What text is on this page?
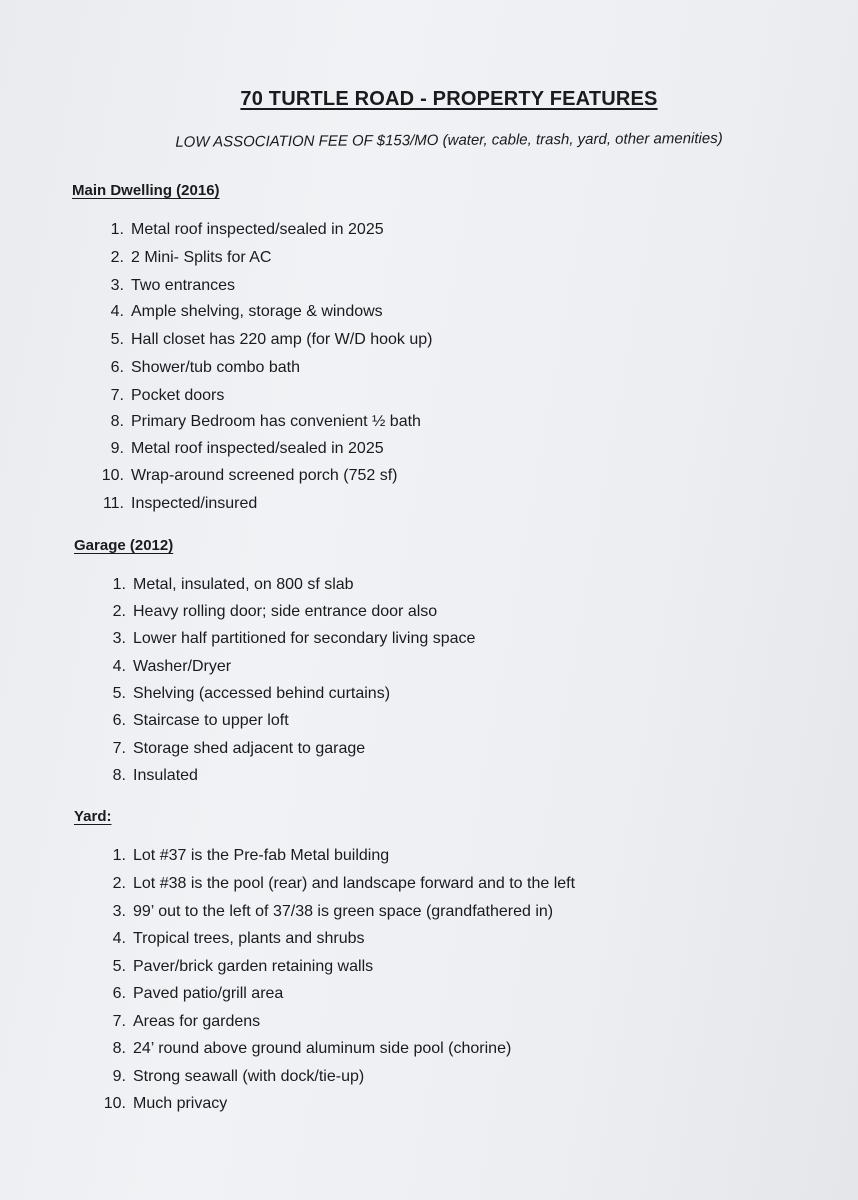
70 TURTLE ROAD - PROPERTY FEATURES
LOW ASSOCIATION FEE OF $153/MO (water, cable, trash, yard, other amenities)
Main Dwelling (2016)
1. Metal roof inspected/sealed in 2025
2. 2 Mini- Splits for AC
3. Two entrances
4. Ample shelving, storage & windows
5. Hall closet has 220 amp (for W/D hook up)
6. Shower/tub combo bath
7. Pocket doors
8. Primary Bedroom has convenient ½ bath
9. Metal roof inspected/sealed in 2025
10. Wrap-around screened porch (752 sf)
11. Inspected/insured
Garage (2012)
1. Metal, insulated, on 800 sf slab
2. Heavy rolling door; side entrance door also
3. Lower half partitioned for secondary living space
4. Washer/Dryer
5. Shelving (accessed behind curtains)
6. Staircase to upper loft
7. Storage shed adjacent to garage
8. Insulated
Yard:
1. Lot #37 is the Pre-fab Metal building
2. Lot #38 is the pool (rear) and landscape forward and to the left
3. 99’ out to the left of 37/38 is green space (grandfathered in)
4. Tropical trees, plants and shrubs
5. Paver/brick garden retaining walls
6. Paved patio/grill area
7. Areas for gardens
8. 24’ round above ground aluminum side pool (chorine)
9. Strong seawall (with dock/tie-up)
10. Much privacy
